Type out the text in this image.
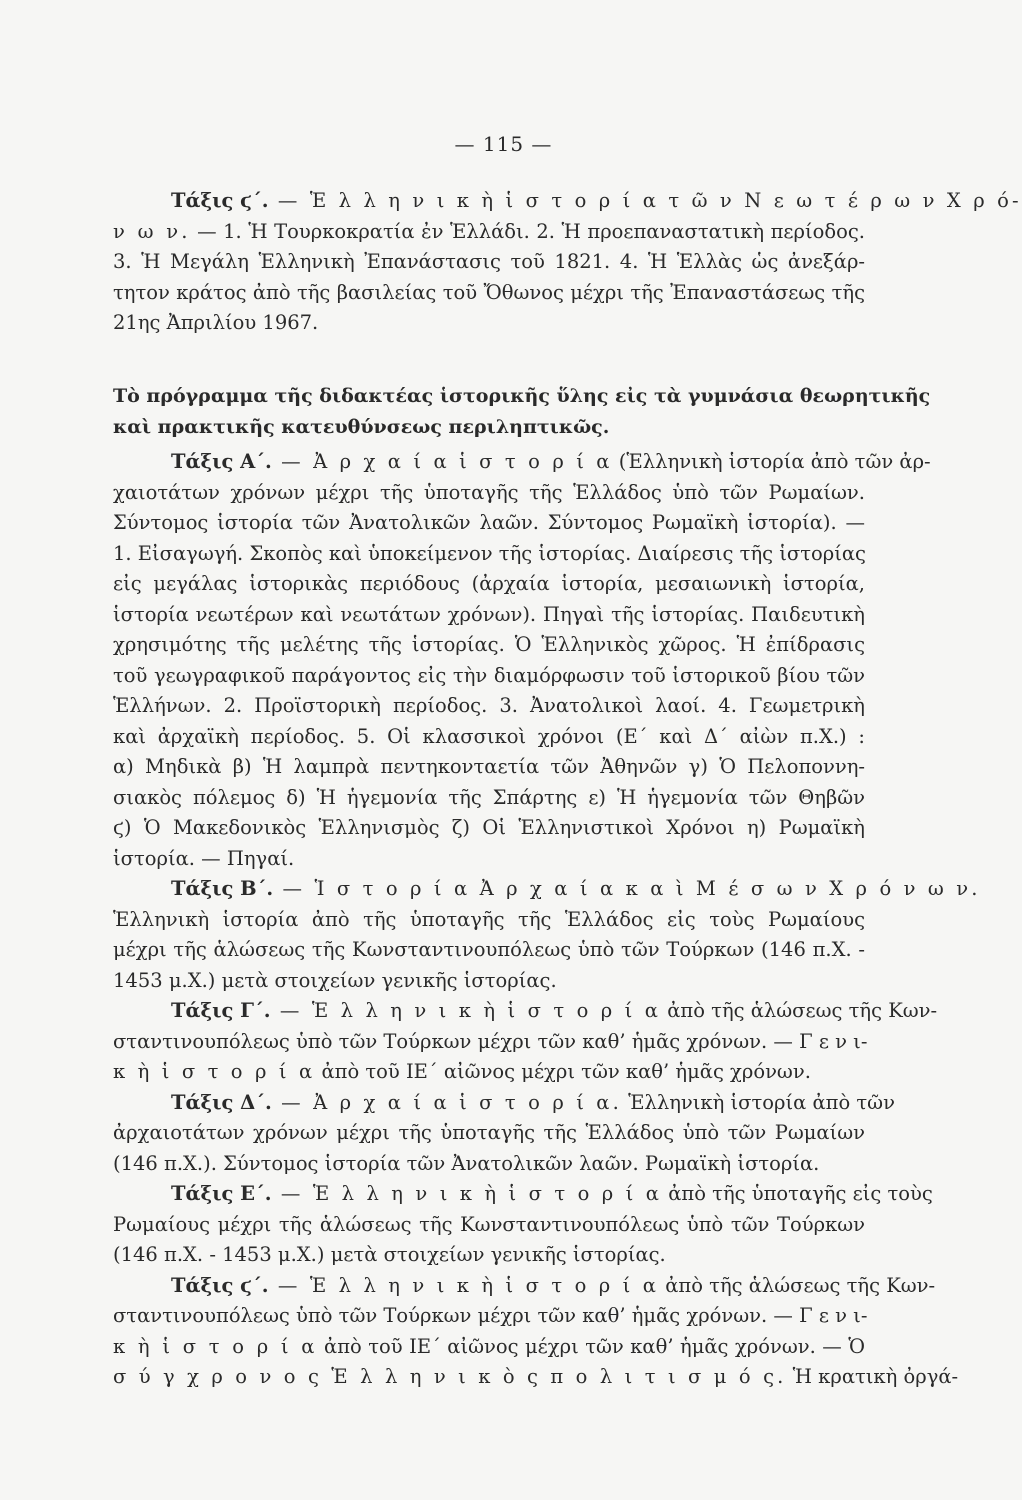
— 115 —
Τάξις ϛ΄. — Ἑ λ λ η ν ι κ ὴ ἱ σ τ ο ρ ί α τ ῶ ν Ν ε ω τ έ ρ ω ν Χ ρ ό-
ν ω ν. — 1. Ἡ Τουρκοκρατία ἐν Ἑλλάδι. 2. Ἡ προεπαναστατικὴ περίοδος.
3. Ἡ Μεγάλη Ἑλληνικὴ Ἐπανάστασις τοῦ 1821. 4. Ἡ Ἑλλὰς ὡς ἀνεξάρ-
τητον κράτος ἀπὸ τῆς βασιλείας τοῦ Ὄθωνος μέχρι τῆς Ἐπαναστάσεως τῆς
21ης Ἀπριλίου 1967.
Τὸ πρόγραμμα τῆς διδακτέας ἱστορικῆς ὕλης εἰς τὰ γυμνάσια θεωρητικῆς
καὶ πρακτικῆς κατευθύνσεως περιληπτικῶς.
Τάξις Α΄. — Ἀ ρ χ α ί α ἱ σ τ ο ρ ί α (Ἑλληνικὴ ἱστορία ἀπὸ τῶν ἀρ-
χαιοτάτων χρόνων μέχρι τῆς ὑποταγῆς τῆς Ἑλλάδος ὑπὸ τῶν Ρωμαίων.
Σύντομος ἱστορία τῶν Ἀνατολικῶν λαῶν. Σύντομος Ρωμαϊκὴ ἱστορία). —
1. Εἰσαγωγή. Σκοπὸς καὶ ὑποκείμενον τῆς ἱστορίας. Διαίρεσις τῆς ἱστορίας
εἰς μεγάλας ἱστορικὰς περιόδους (ἀρχαία ἱστορία, μεσαιωνικὴ ἱστορία,
ἱστορία νεωτέρων καὶ νεωτάτων χρόνων). Πηγαὶ τῆς ἱστορίας. Παιδευτικὴ
χρησιμότης τῆς μελέτης τῆς ἱστορίας. Ὁ Ἑλληνικὸς χῶρος. Ἡ ἐπίδρασις
τοῦ γεωγραφικοῦ παράγοντος εἰς τὴν διαμόρφωσιν τοῦ ἱστορικοῦ βίου τῶν
Ἑλλήνων. 2. Προϊστορικὴ περίοδος. 3. Ἀνατολικοὶ λαοί. 4. Γεωμετρικὴ
καὶ ἀρχαϊκὴ περίοδος. 5. Οἱ κλασσικοὶ χρόνοι (Ε΄ καὶ Δ΄ αἰὼν π.Χ.) :
α) Μηδικὰ β) Ἡ λαμπρὰ πεντηκονταετία τῶν Ἀθηνῶν γ) Ὁ Πελοποννη-
σιακὸς πόλεμος δ) Ἡ ἡγεμονία τῆς Σπάρτης ε) Ἡ ἡγεμονία τῶν Θηβῶν
ϛ) Ὁ Μακεδονικὸς Ἑλληνισμὸς ζ) Οἱ Ἑλληνιστικοὶ Χρόνοι η) Ρωμαϊκὴ
ἱστορία. — Πηγαί.
Τάξις Β΄. — Ἱ σ τ ο ρ ί α Ἀ ρ χ α ί α κ α ὶ Μ έ σ ω ν Χ ρ ό ν ω ν.
Ἑλληνικὴ ἱστορία ἀπὸ τῆς ὑποταγῆς τῆς Ἑλλάδος εἰς τοὺς Ρωμαίους
μέχρι τῆς ἁλώσεως τῆς Κωνσταντινουπόλεως ὑπὸ τῶν Τούρκων (146 π.Χ. -
1453 μ.Χ.) μετὰ στοιχείων γενικῆς ἱστορίας.
Τάξις Γ΄. — Ἑ λ λ η ν ι κ ὴ ἱ σ τ ο ρ ί α ἀπὸ τῆς ἁλώσεως τῆς Κων-
σταντινουπόλεως ὑπὸ τῶν Τούρκων μέχρι τῶν καθ’ ἡμᾶς χρόνων. — Γ ε ν ι-
κ ὴ ἱ σ τ ο ρ ί α ἀπὸ τοῦ ΙΕ΄ αἰῶνος μέχρι τῶν καθ’ ἡμᾶς χρόνων.
Τάξις Δ΄. — Ἀ ρ χ α ί α ἱ σ τ ο ρ ί α. Ἑλληνικὴ ἱστορία ἀπὸ τῶν
ἀρχαιοτάτων χρόνων μέχρι τῆς ὑποταγῆς τῆς Ἑλλάδος ὑπὸ τῶν Ρωμαίων
(146 π.Χ.). Σύντομος ἱστορία τῶν Ἀνατολικῶν λαῶν. Ρωμαϊκὴ ἱστορία.
Τάξις Ε΄. — Ἑ λ λ η ν ι κ ὴ ἱ σ τ ο ρ ί α ἀπὸ τῆς ὑποταγῆς εἰς τοὺς
Ρωμαίους μέχρι τῆς ἁλώσεως τῆς Κωνσταντινουπόλεως ὑπὸ τῶν Τούρκων
(146 π.Χ. - 1453 μ.Χ.) μετὰ στοιχείων γενικῆς ἱστορίας.
Τάξις ϛ΄. — Ἑ λ λ η ν ι κ ὴ ἱ σ τ ο ρ ί α ἀπὸ τῆς ἁλώσεως τῆς Κων-
σταντινουπόλεως ὑπὸ τῶν Τούρκων μέχρι τῶν καθ’ ἡμᾶς χρόνων. — Γ ε ν ι-
κ ὴ ἱ σ τ ο ρ ί α ἀπὸ τοῦ ΙΕ΄ αἰῶνος μέχρι τῶν καθ’ ἡμᾶς χρόνων. — Ὁ
σ ύ γ χ ρ ο ν ο ς Ἑ λ λ η ν ι κ ὸ ς π ο λ ι τ ι σ μ ό ς. Ἡ κρατικὴ ὀργά-
